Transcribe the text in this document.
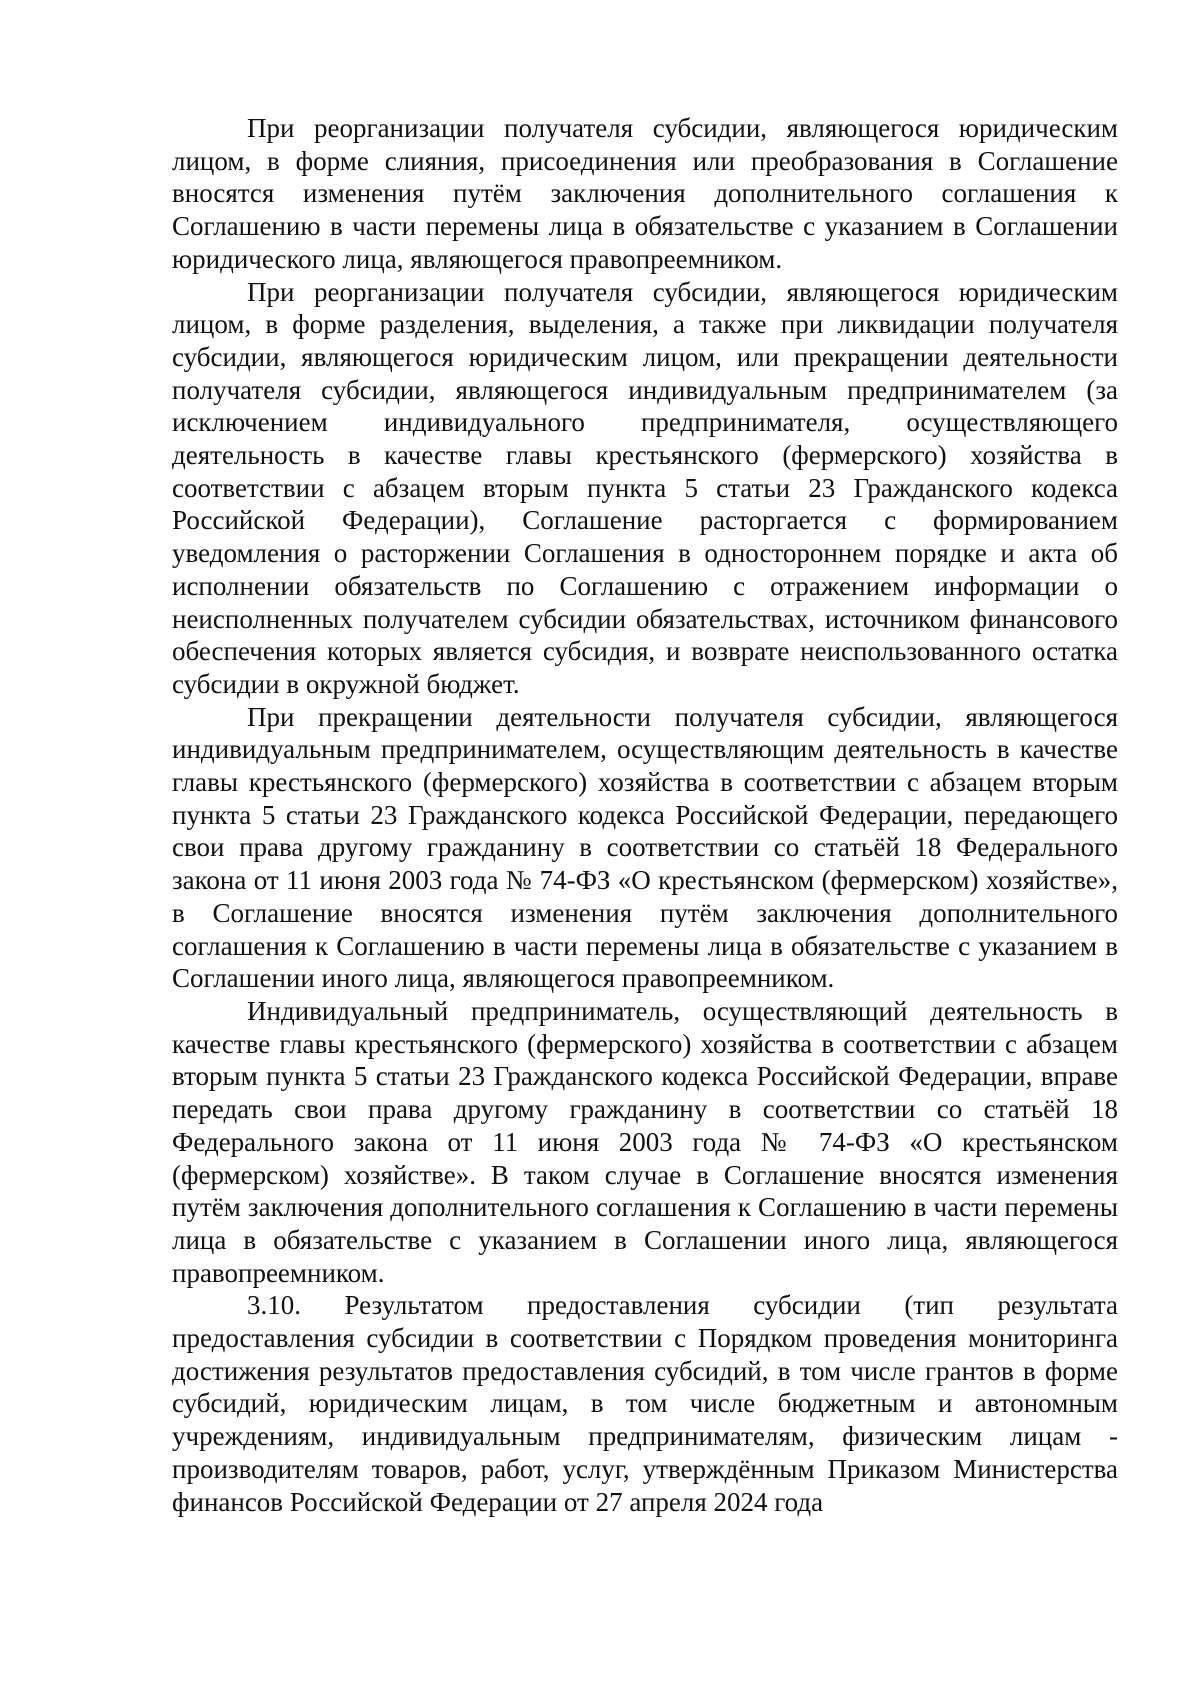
При реорганизации получателя субсидии, являющегося юридическим лицом, в форме слияния, присоединения или преобразования в Соглашение вносятся изменения путём заключения дополнительного соглашения к Соглашению в части перемены лица в обязательстве с указанием в Соглашении юридического лица, являющегося правопреемником.

При реорганизации получателя субсидии, являющегося юридическим лицом, в форме разделения, выделения, а также при ликвидации получателя субсидии, являющегося юридическим лицом, или прекращении деятельности получателя субсидии, являющегося индивидуальным предпринимателем (за исключением индивидуального предпринимателя, осуществляющего деятельность в качестве главы крестьянского (фермерского) хозяйства в соответствии с абзацем вторым пункта 5 статьи 23 Гражданского кодекса Российской Федерации), Соглашение расторгается с формированием уведомления о расторжении Соглашения в одностороннем порядке и акта об исполнении обязательств по Соглашению с отражением информации о неисполненных получателем субсидии обязательствах, источником финансового обеспечения которых является субсидия, и возврате неиспользованного остатка субсидии в окружной бюджет.

При прекращении деятельности получателя субсидии, являющегося индивидуальным предпринимателем, осуществляющим деятельность в качестве главы крестьянского (фермерского) хозяйства в соответствии с абзацем вторым пункта 5 статьи 23 Гражданского кодекса Российской Федерации, передающего свои права другому гражданину в соответствии со статьёй 18 Федерального закона от 11 июня 2003 года № 74-ФЗ «О крестьянском (фермерском) хозяйстве», в Соглашение вносятся изменения путём заключения дополнительного соглашения к Соглашению в части перемены лица в обязательстве с указанием в Соглашении иного лица, являющегося правопреемником.

Индивидуальный предприниматель, осуществляющий деятельность в качестве главы крестьянского (фермерского) хозяйства в соответствии с абзацем вторым пункта 5 статьи 23 Гражданского кодекса Российской Федерации, вправе передать свои права другому гражданину в соответствии со статьёй 18 Федерального закона от 11 июня 2003 года № 74-ФЗ «О крестьянском (фермерском) хозяйстве». В таком случае в Соглашение вносятся изменения путём заключения дополнительного соглашения к Соглашению в части перемены лица в обязательстве с указанием в Соглашении иного лица, являющегося правопреемником.

3.10. Результатом предоставления субсидии (тип результата предоставления субсидии в соответствии с Порядком проведения мониторинга достижения результатов предоставления субсидий, в том числе грантов в форме субсидий, юридическим лицам, в том числе бюджетным и автономным учреждениям, индивидуальным предпринимателям, физическим лицам - производителям товаров, работ, услуг, утверждённым Приказом Министерства финансов Российской Федерации от 27 апреля 2024 года
